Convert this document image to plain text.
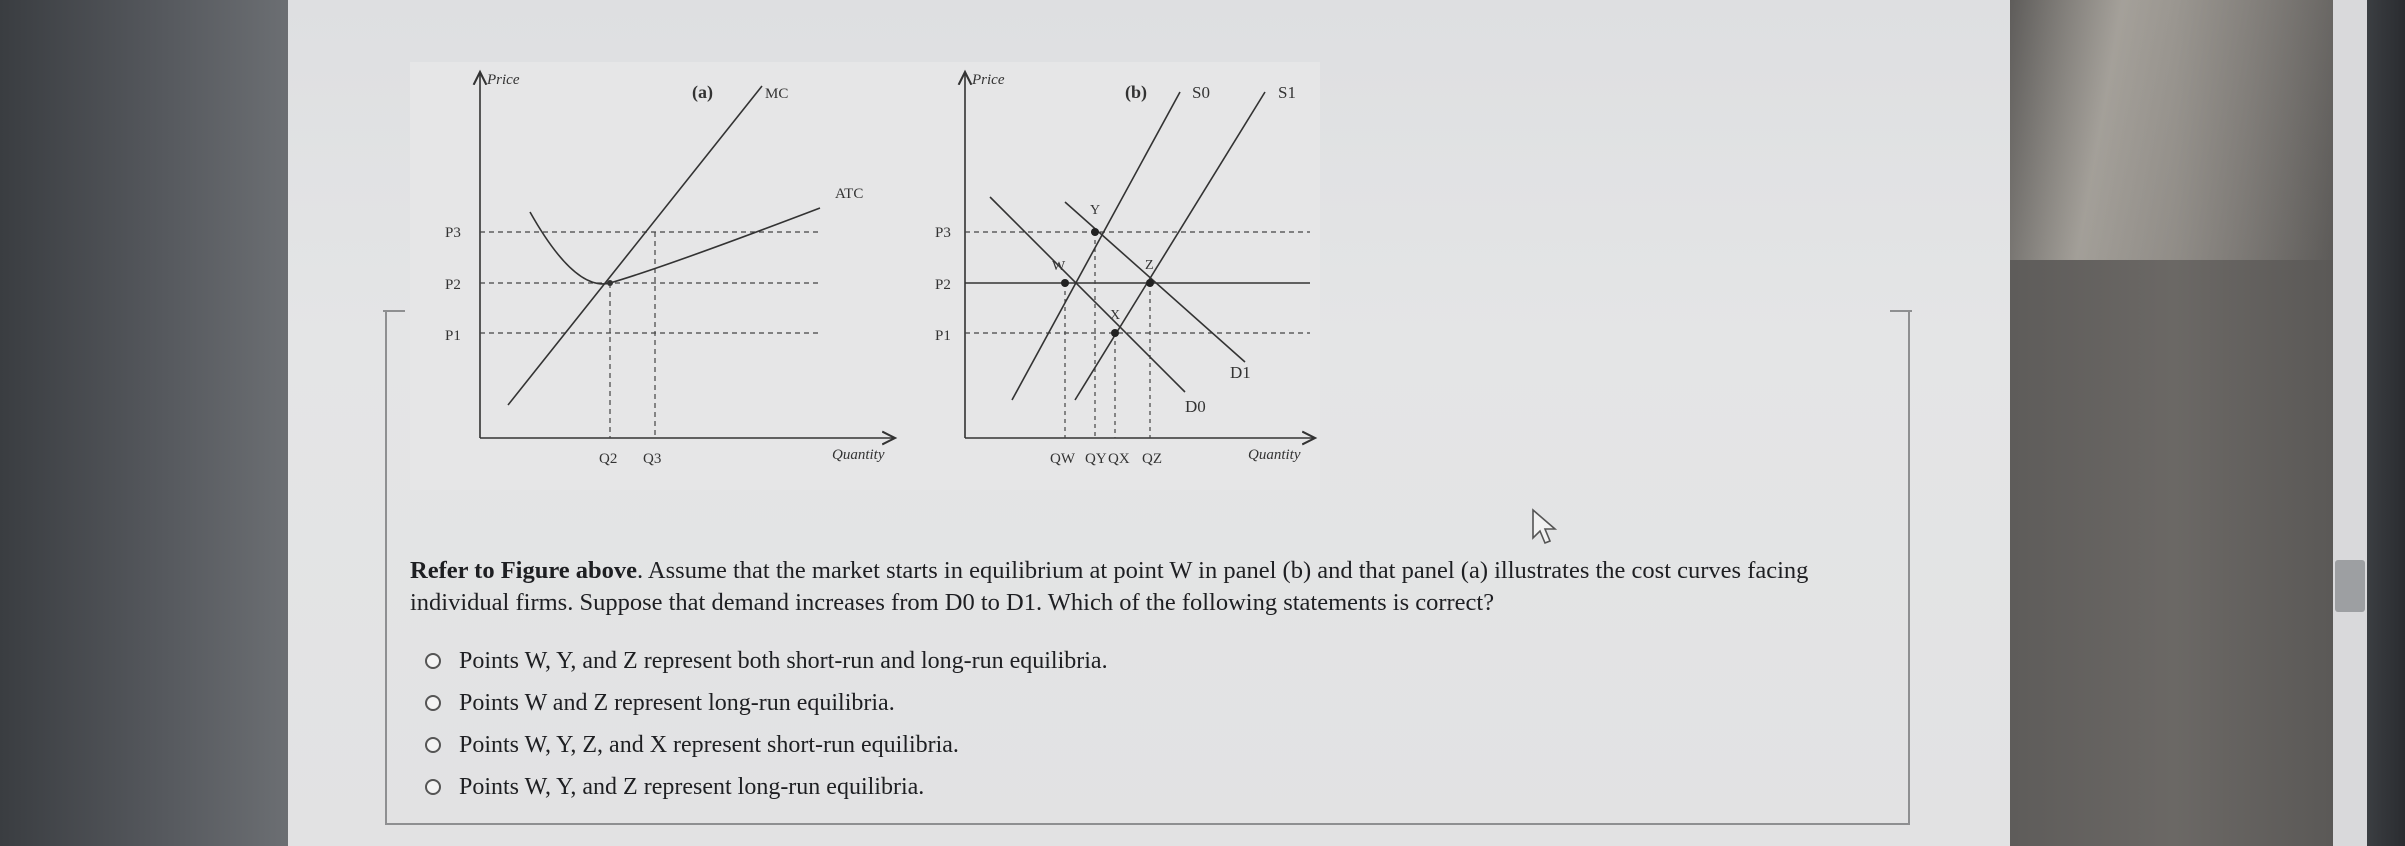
Price
(a)
Quantity
P3
P2
P1
Q2 Q3
MC
ATC
Price
(b)
Quantity
P3
P2
P1
QW QY QX QZ
S0	S1
D1
D0
Y
W	Z
X
Refer to Figure above. Assume that the market starts in equilibrium at point W in panel (b) and that panel (a) illustrates the cost curves facing individual firms. Suppose that demand increases from D0 to D1. Which of the following statements is correct?
Points W, Y, and Z represent both short-run and long-run equilibria.
Points W and Z represent long-run equilibria.
Points W, Y, Z, and X represent short-run equilibria.
Points W, Y, and Z represent long-run equilibria.
